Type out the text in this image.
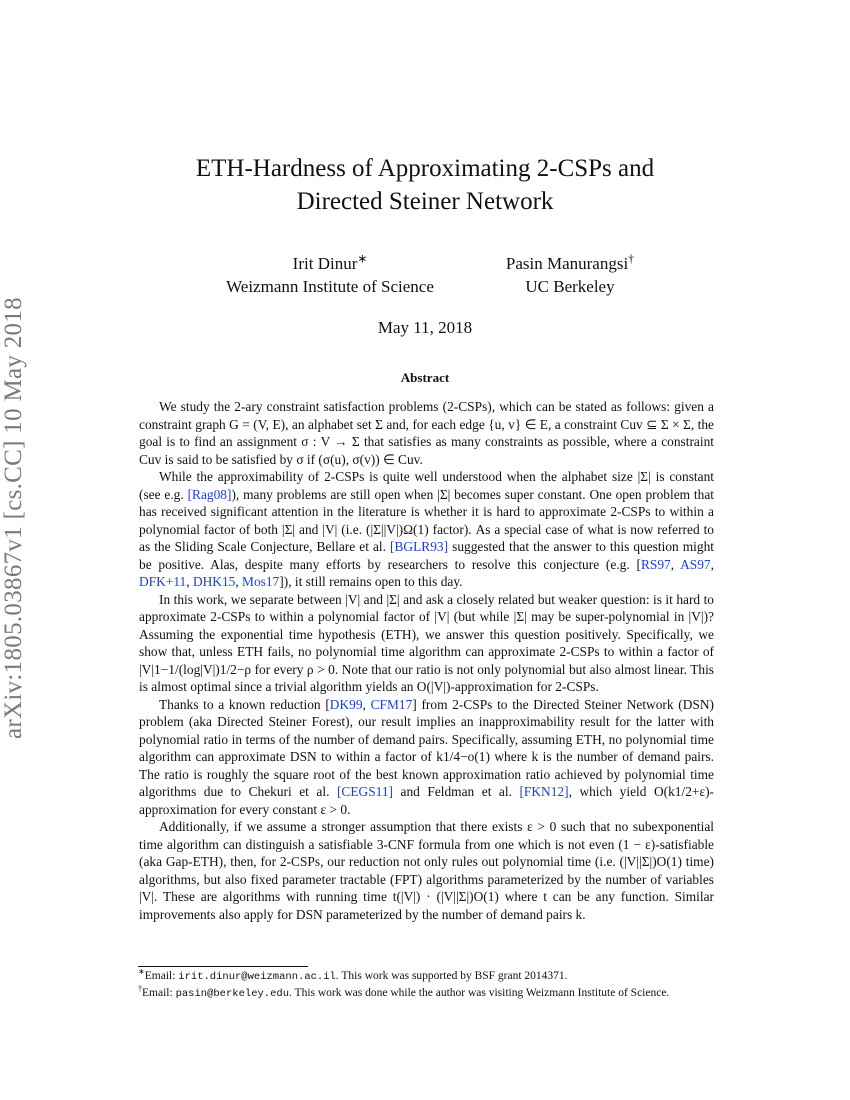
arXiv:1805.03867v1 [cs.CC] 10 May 2018
ETH-Hardness of Approximating 2-CSPs and
Directed Steiner Network
Irit Dinur∗
Weizmann Institute of Science
Pasin Manurangsi†
UC Berkeley
May 11, 2018
Abstract

We study the 2-ary constraint satisfaction problems (2-CSPs), which can be stated as follows: given a constraint graph G = (V, E), an alphabet set Σ and, for each edge {u, v} ∈ E, a constraint Cuv ⊆ Σ × Σ, the goal is to find an assignment σ : V → Σ that satisfies as many constraints as possible, where a constraint Cuv is said to be satisfied by σ if (σ(u), σ(v)) ∈ Cuv.

While the approximability of 2-CSPs is quite well understood when the alphabet size |Σ| is constant (see e.g. [Rag08]), many problems are still open when |Σ| becomes super constant. One open problem that has received significant attention in the literature is whether it is hard to approximate 2-CSPs to within a polynomial factor of both |Σ| and |V| (i.e. (|Σ||V|)Ω(1) factor). As a special case of what is now referred to as the Sliding Scale Conjecture, Bellare et al. [BGLR93] suggested that the answer to this question might be positive. Alas, despite many efforts by researchers to resolve this conjecture (e.g. [RS97, AS97, DFK+11, DHK15, Mos17]), it still remains open to this day.

In this work, we separate between |V| and |Σ| and ask a closely related but weaker question: is it hard to approximate 2-CSPs to within a polynomial factor of |V| (but while |Σ| may be super-polynomial in |V|)? Assuming the exponential time hypothesis (ETH), we answer this question positively. Specifically, we show that, unless ETH fails, no polynomial time algorithm can approximate 2-CSPs to within a factor of |V|1−1/(log|V|)1/2−ρ for every ρ > 0. Note that our ratio is not only polynomial but also almost linear. This is almost optimal since a trivial algorithm yields an O(|V|)-approximation for 2-CSPs.

Thanks to a known reduction [DK99, CFM17] from 2-CSPs to the Directed Steiner Network (DSN) problem (aka Directed Steiner Forest), our result implies an inapproximability result for the latter with polynomial ratio in terms of the number of demand pairs. Specifically, assuming ETH, no polynomial time algorithm can approximate DSN to within a factor of k1/4−o(1) where k is the number of demand pairs. The ratio is roughly the square root of the best known approximation ratio achieved by polynomial time algorithms due to Chekuri et al. [CEGS11] and Feldman et al. [FKN12], which yield O(k1/2+ε)-approximation for every constant ε > 0.

Additionally, if we assume a stronger assumption that there exists ε > 0 such that no subexponential time algorithm can distinguish a satisfiable 3-CNF formula from one which is not even (1 − ε)-satisfiable (aka Gap-ETH), then, for 2-CSPs, our reduction not only rules out polynomial time (i.e. (|V||Σ|)O(1) time) algorithms, but also fixed parameter tractable (FPT) algorithms parameterized by the number of variables |V|. These are algorithms with running time t(|V|) · (|V||Σ|)O(1) where t can be any function. Similar improvements also apply for DSN parameterized by the number of demand pairs k.

∗Email: irit.dinur@weizmann.ac.il. This work was supported by BSF grant 2014371.
†Email: pasin@berkeley.edu. This work was done while the author was visiting Weizmann Institute of Science.
